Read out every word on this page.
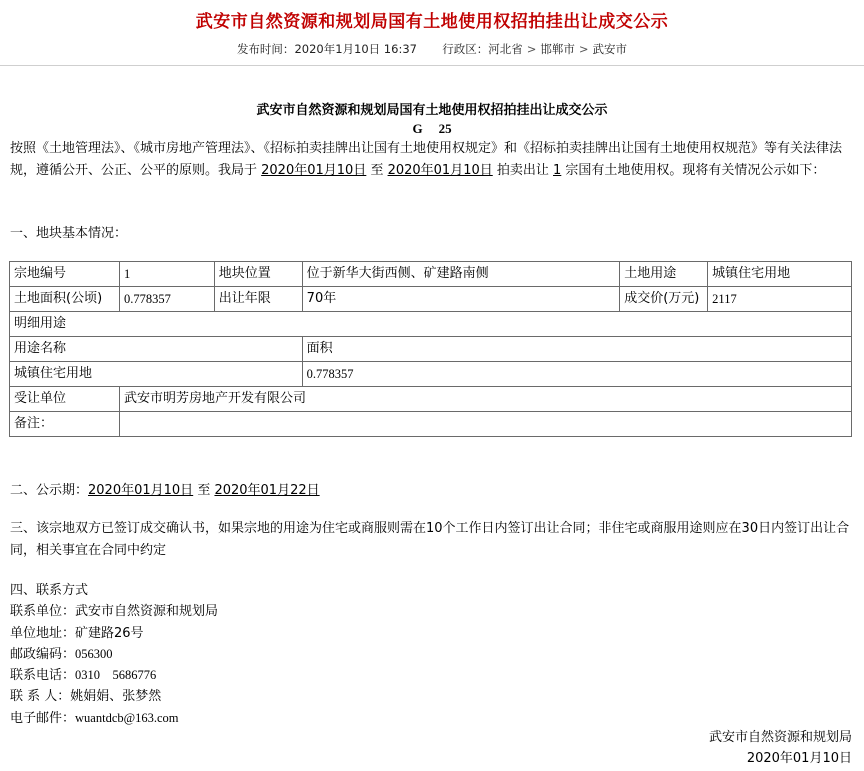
武安市自然资源和规划局国有土地使用权招拍挂出让成交公示
发布时间：2020年1月10日 16:37 行政区：河北省 > 邯郸市 > 武安市
武安市自然资源和规划局国有土地使用权招拍挂出让成交公示
G 25
按照《土地管理法》、《城市房地产管理法》、《招标拍卖挂牌出让国有土地使用权规定》和《招标拍卖挂牌出让国有土地使用权规范》等有关法律法规，遵循公开、公正、公平的原则。我局于 2020年01月10日 至 2020年01月10日 拍卖出让 1 宗国有土地使用权。现将有关情况公示如下：
一、地块基本情况：
宗地编号	1	地块位置	位于新华大街西侧、矿建路南侧	土地用途	城镇住宅用地
土地面积(公顷)	0.778357	出让年限	70年	成交价(万元)	2117
明细用途					
用途名称			面积		
城镇住宅用地			0.778357		
受让单位	武安市明芳房地产开发有限公司				
备注：					
二、公示期：2020年01月10日 至 2020年01月22日
三、该宗地双方已签订成交确认书，如果宗地的用途为住宅或商服则需在10个工作日内签订出让合同；非住宅或商服用途则应在30日内签订出让合同，相关事宜在合同中约定
四、联系方式
联系单位：武安市自然资源和规划局
单位地址：矿建路26号
邮政编码：056300
联系电话：0310    5686776
联 系 人：姚娟娟、张梦然
电子邮件：wuantdcb@163.com
武安市自然资源和规划局
2020年01月10日
